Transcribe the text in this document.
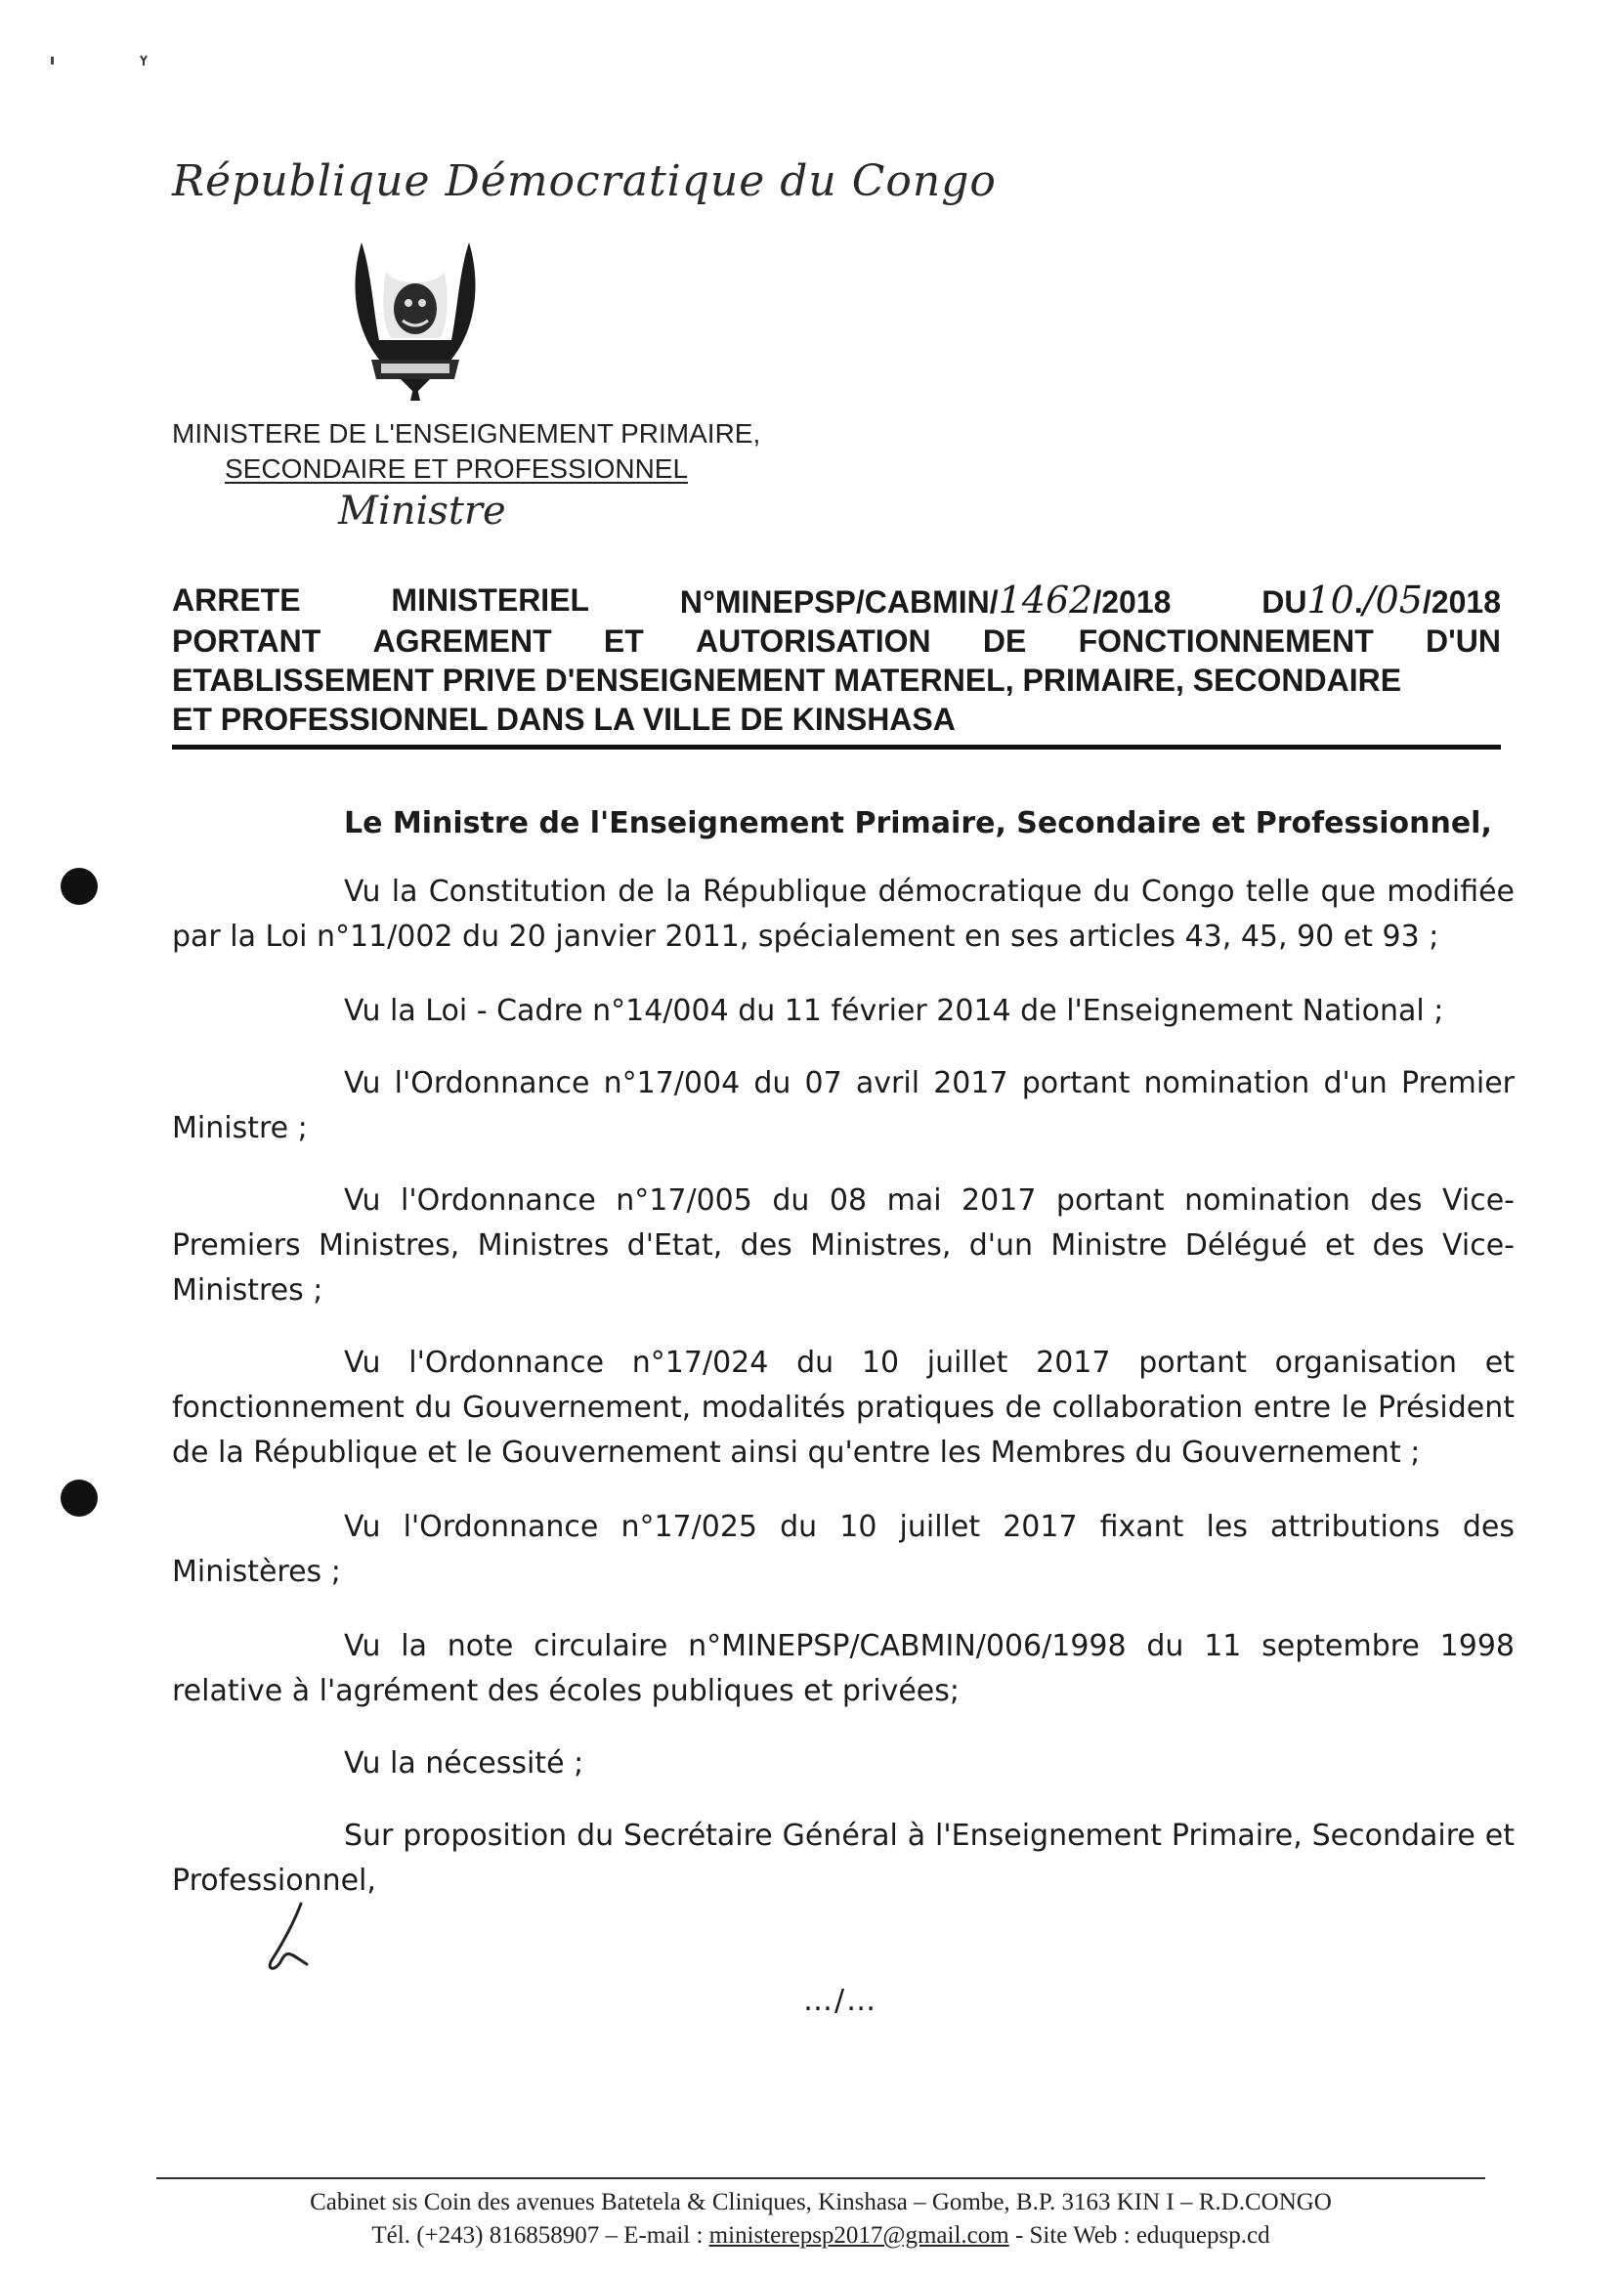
République Démocratique du Congo
MINISTERE DE L'ENSEIGNEMENT PRIMAIRE,
SECONDAIRE ET PROFESSIONNEL
Ministre
ARRETE	MINISTERIEL	N°MINEPSP/CABMIN/1462/2018	DU10./05/2018
PORTANT AGREMENT ET AUTORISATION DE FONCTIONNEMENT D'UN
ETABLISSEMENT PRIVE D'ENSEIGNEMENT MATERNEL, PRIMAIRE, SECONDAIRE
ET PROFESSIONNEL DANS LA VILLE DE KINSHASA
Le Ministre de l'Enseignement Primaire, Secondaire et Professionnel,
Vu la Constitution de la République démocratique du Congo telle que modifiée par la Loi n°11/002 du 20 janvier 2011, spécialement en ses articles 43, 45, 90 et 93 ;
Vu la Loi - Cadre n°14/004 du 11 février 2014 de l'Enseignement National ;
Vu l'Ordonnance n°17/004 du 07 avril 2017 portant nomination d'un Premier Ministre ;
Vu l'Ordonnance n°17/005 du 08 mai 2017 portant nomination des Vice-Premiers Ministres, Ministres d'Etat, des Ministres, d'un Ministre Délégué et des Vice-Ministres ;
Vu l'Ordonnance n°17/024 du 10 juillet 2017 portant organisation et fonctionnement du Gouvernement, modalités pratiques de collaboration entre le Président de la République et le Gouvernement ainsi qu'entre les Membres du Gouvernement ;
Vu l'Ordonnance n°17/025 du 10 juillet 2017 fixant les attributions des Ministères ;
Vu la note circulaire n°MINEPSP/CABMIN/006/1998 du 11 septembre 1998 relative à l'agrément des écoles publiques et privées;
Vu la nécessité ;
Sur proposition du Secrétaire Général à l'Enseignement Primaire, Secondaire et Professionnel,
…/…
Cabinet sis Coin des avenues Batetela & Cliniques, Kinshasa – Gombe, B.P. 3163 KIN I – R.D.CONGO
Tél. (+243) 816858907 – E-mail : ministerepsp2017@gmail.com - Site Web : eduquepsp.cd
